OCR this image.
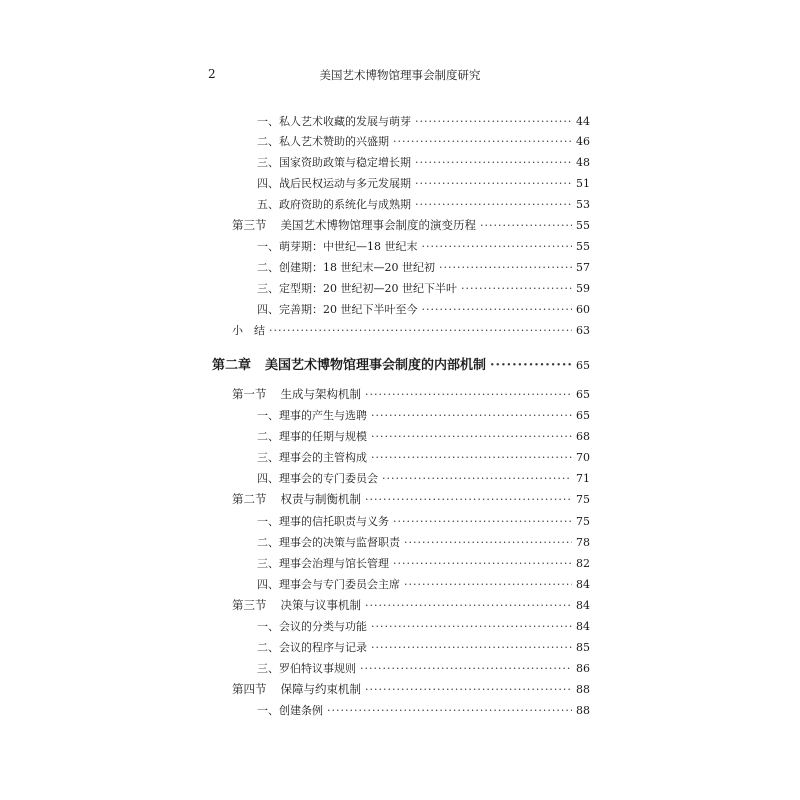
2	美国艺术博物馆理事会制度研究
一、私人艺术收藏的发展与萌芽 ·····	44
二、私人艺术赞助的兴盛期 ·····	46
三、国家资助政策与稳定增长期 ·····	48
四、战后民权运动与多元发展期 ·····	51
五、政府资助的系统化与成熟期 ·····	53
第三节 美国艺术博物馆理事会制度的演变历程 ·····	55
一、萌芽期：中世纪—18 世纪末 ·····	55
二、创建期：18 世纪末—20 世纪初 ·····	57
三、定型期：20 世纪初—20 世纪下半叶 ·····	59
四、完善期：20 世纪下半叶至今 ·····	60
小　结 ·····	63
第二章 美国艺术博物馆理事会制度的内部机制 ·····	65
第一节 生成与架构机制 ·····	65
一、理事的产生与选聘 ·····	65
二、理事的任期与规模 ·····	68
三、理事会的主管构成 ·····	70
四、理事会的专门委员会 ·····	71
第二节 权责与制衡机制 ·····	75
一、理事的信托职责与义务 ·····	75
二、理事会的决策与监督职责 ·····	78
三、理事会治理与馆长管理 ·····	82
四、理事会与专门委员会主席 ·····	84
第三节 决策与议事机制 ·····	84
一、会议的分类与功能 ·····	84
二、会议的程序与记录 ·····	85
三、罗伯特议事规则 ·····	86
第四节 保障与约束机制 ·····	88
一、创建条例 ·····	88
